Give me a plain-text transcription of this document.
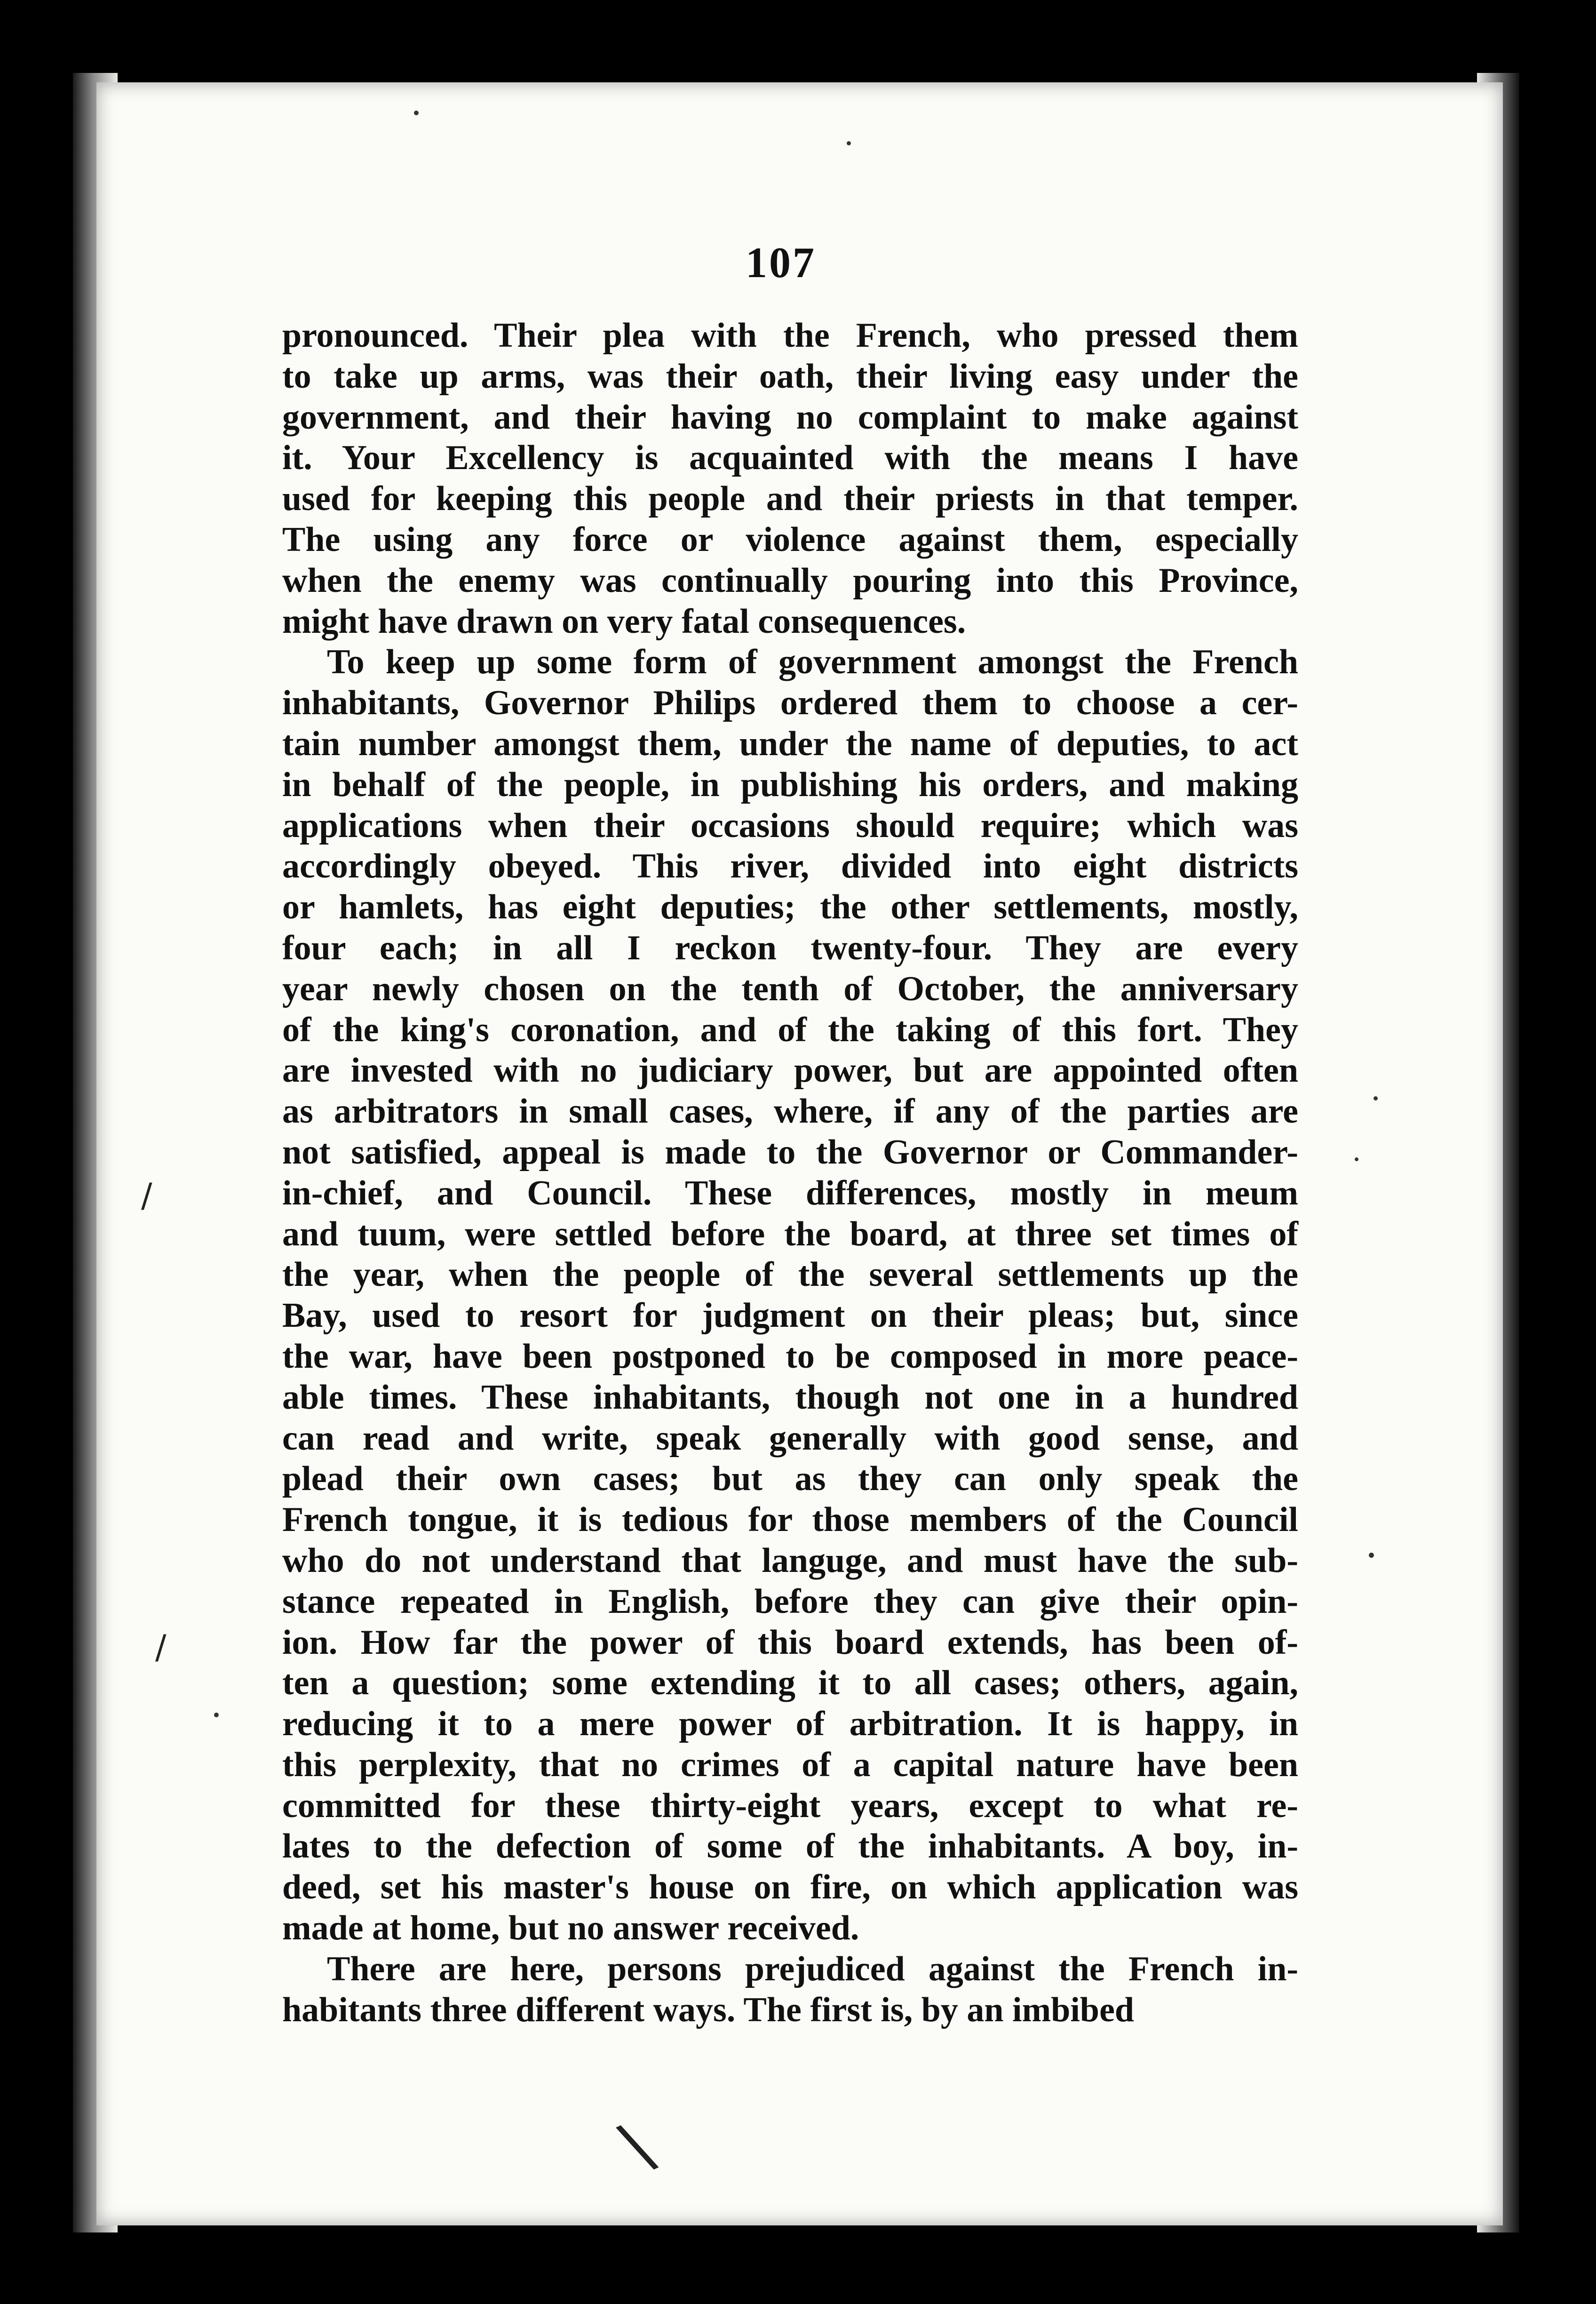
107
pronounced. Their plea with the French, who pressed them
to take up arms, was their oath, their living easy under the
government, and their having no complaint to make against
it. Your Excellency is acquainted with the means I have
used for keeping this people and their priests in that temper.
The using any force or violence against them, especially
when the enemy was continually pouring into this Province,
might have drawn on very fatal consequences.
To keep up some form of government amongst the French
inhabitants, Governor Philips ordered them to choose a cer-
tain number amongst them, under the name of deputies, to act
in behalf of the people, in publishing his orders, and making
applications when their occasions should require; which was
accordingly obeyed. This river, divided into eight districts
or hamlets, has eight deputies; the other settlements, mostly,
four each; in all I reckon twenty-four. They are every
year newly chosen on the tenth of October, the anniversary
of the king's coronation, and of the taking of this fort. They
are invested with no judiciary power, but are appointed often
as arbitrators in small cases, where, if any of the parties are
not satisfied, appeal is made to the Governor or Commander-
in-chief, and Council. These differences, mostly in meum
and tuum, were settled before the board, at three set times of
the year, when the people of the several settlements up the
Bay, used to resort for judgment on their pleas; but, since
the war, have been postponed to be composed in more peace-
able times. These inhabitants, though not one in a hundred
can read and write, speak generally with good sense, and
plead their own cases; but as they can only speak the
French tongue, it is tedious for those members of the Council
who do not understand that languge, and must have the sub-
stance repeated in English, before they can give their opin-
ion. How far the power of this board extends, has been of-
ten a question; some extending it to all cases; others, again,
reducing it to a mere power of arbitration. It is happy, in
this perplexity, that no crimes of a capital nature have been
committed for these thirty-eight years, except to what re-
lates to the defection of some of the inhabitants. A boy, in-
deed, set his master's house on fire, on which application was
made at home, but no answer received.
There are here, persons prejudiced against the French in-
habitants three different ways. The first is, by an imbibed
\
/
/
